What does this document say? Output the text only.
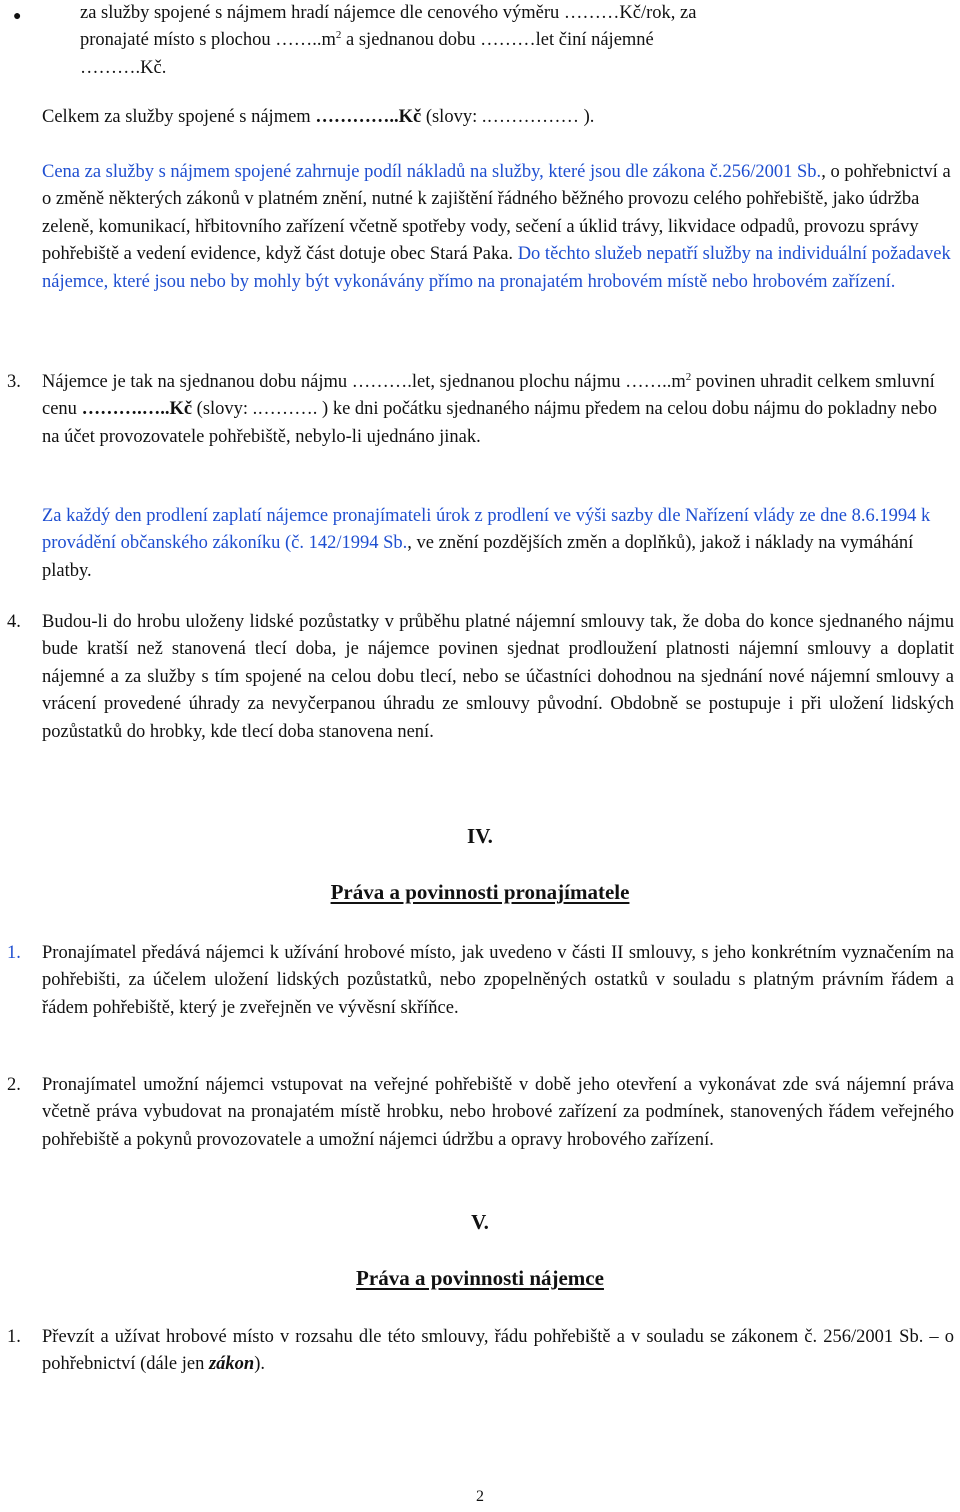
●	za služby spojené s nájmem hradí nájemce dle cenového výměru ………Kč/rok, za
pronajaté místo s plochou $\dots\dots..m^2$ a sjednanou dobu ………let činí nájemné
……….Kč.
Celkem za služby spojené s nájmem …………..Kč (slovy: .…………… ).
Cena za služby s nájmem spojené zahrnuje podíl nákladů na služby, které jsou dle zákona č.256/2001 Sb., o pohřebnictví a o změně některých zákonů v platném znění, nutné k zajištění řádného běžného provozu celého pohřebiště, jako údržba zeleně, komunikací, hřbitovního zařízení včetně spotřeby vody, sečení a úklid trávy, likvidace odpadů, provozu správy pohřebiště a vedení evidence, když část dotuje obec Stará Paka. Do těchto služeb nepatří služby na individuální požadavek nájemce, které jsou nebo by mohly být vykonávány přímo na pronajatém hrobovém místě nebo hrobovém zařízení.
3. Nájemce je tak na sjednanou dobu nájmu ……….let, sjednanou plochu nájmu $\dots\dots..m^2$ povinen uhradit celkem smluvní cenu ……….…..Kč (slovy: .………. ) ke dni počátku sjednaného nájmu předem na celou dobu nájmu do pokladny nebo na účet provozovatele pohřebiště, nebylo-li ujednáno jinak.
Za každý den prodlení zaplatí nájemce pronajímateli úrok z prodlení ve výši sazby dle Nařízení vlády ze dne 8.6.1994 k provádění občanského zákoníku (č. 142/1994 Sb., ve znění pozdějších změn a doplňků), jakož i náklady na vymáhání platby.
4. Budou-li do hrobu uloženy lidské pozůstatky v průběhu platné nájemní smlouvy tak, že doba do konce sjednaného nájmu bude kratší než stanovená tlecí doba, je nájemce povinen sjednat prodloužení platnosti nájemní smlouvy a doplatit nájemné a za služby s tím spojené na celou dobu tlecí, nebo se účastníci dohodnou na sjednání nové nájemní smlouvy a vrácení provedené úhrady za nevyčerpanou úhradu ze smlouvy původní. Obdobně se postupuje i při uložení lidských pozůstatků do hrobky, kde tlecí doba stanovena není.
IV.
Práva a povinnosti pronajímatele
1. Pronajímatel předává nájemci k užívání hrobové místo, jak uvedeno v části II smlouvy, s jeho konkrétním vyznačením na pohřebišti, za účelem uložení lidských pozůstatků, nebo zpopelněných ostatků v souladu s platným právním řádem a řádem pohřebiště, který je zveřejněn ve vývěsní skříňce.
2. Pronajímatel umožní nájemci vstupovat na veřejné pohřebiště v době jeho otevření a vykonávat zde svá nájemní práva včetně práva vybudovat na pronajatém místě hrobku, nebo hrobové zařízení za podmínek, stanovených řádem veřejného pohřebiště a pokynů provozovatele a umožní nájemci údržbu a opravy hrobového zařízení.
V.
Práva a povinnosti nájemce
1. Převzít a užívat hrobové místo v rozsahu dle této smlouvy, řádu pohřebiště a v souladu se zákonem č. 256/2001 Sb. – o pohřebnictví (dále jen zákon).
2
